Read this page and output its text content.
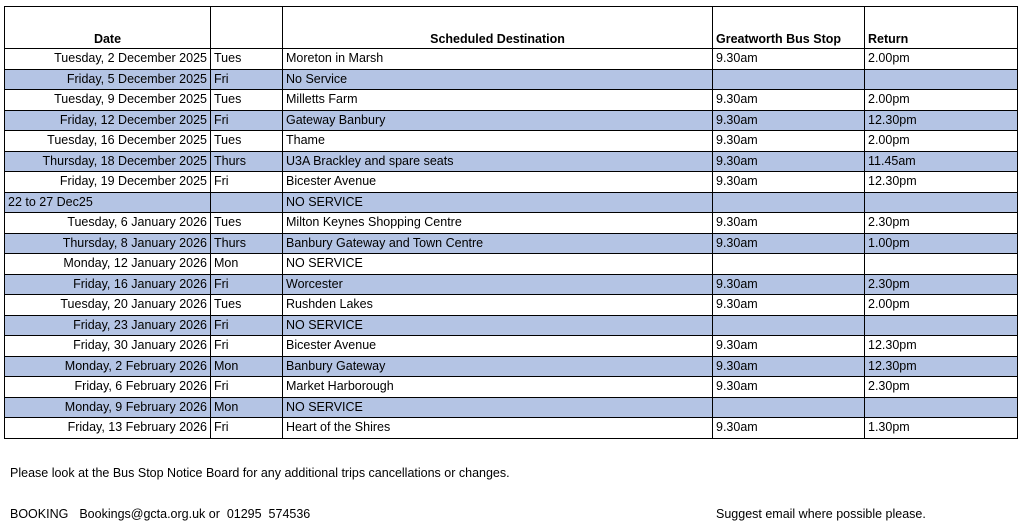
Date		Scheduled Destination	Greatworth Bus Stop	Return
Tuesday, 2 December 2025	Tues	Moreton in Marsh	9.30am	2.00pm
Friday, 5 December 2025	Fri	No Service		
Tuesday, 9 December 2025	Tues	Milletts Farm	9.30am	2.00pm
Friday, 12 December 2025	Fri	Gateway Banbury	9.30am	12.30pm
Tuesday, 16 December 2025	Tues	Thame	9.30am	2.00pm
Thursday, 18 December 2025	Thurs	U3A Brackley and spare seats	9.30am	11.45am
Friday, 19 December 2025	Fri	Bicester Avenue	9.30am	12.30pm
22 to 27 Dec25		NO SERVICE		
Tuesday, 6 January 2026	Tues	Milton Keynes Shopping Centre	9.30am	2.30pm
Thursday, 8 January 2026	Thurs	Banbury Gateway and Town Centre	9.30am	1.00pm
Monday, 12 January 2026	Mon	NO SERVICE		
Friday, 16 January 2026	Fri	Worcester	9.30am	2.30pm
Tuesday, 20 January 2026	Tues	Rushden Lakes	9.30am	2.00pm
Friday, 23 January 2026	Fri	NO SERVICE		
Friday, 30 January 2026	Fri	Bicester Avenue	9.30am	12.30pm
Monday, 2 February 2026	Mon	Banbury Gateway	9.30am	12.30pm
Friday, 6 February 2026	Fri	Market Harborough	9.30am	2.30pm
Monday, 9 February 2026	Mon	NO SERVICE		
Friday, 13 February 2026	Fri	Heart of the Shires	9.30am	1.30pm
Please look at the Bus Stop Notice Board for any additional trips cancellations or changes.
BOOKING Bookings@gcta.org.uk or  01295  574536	Suggest email where possible please.
